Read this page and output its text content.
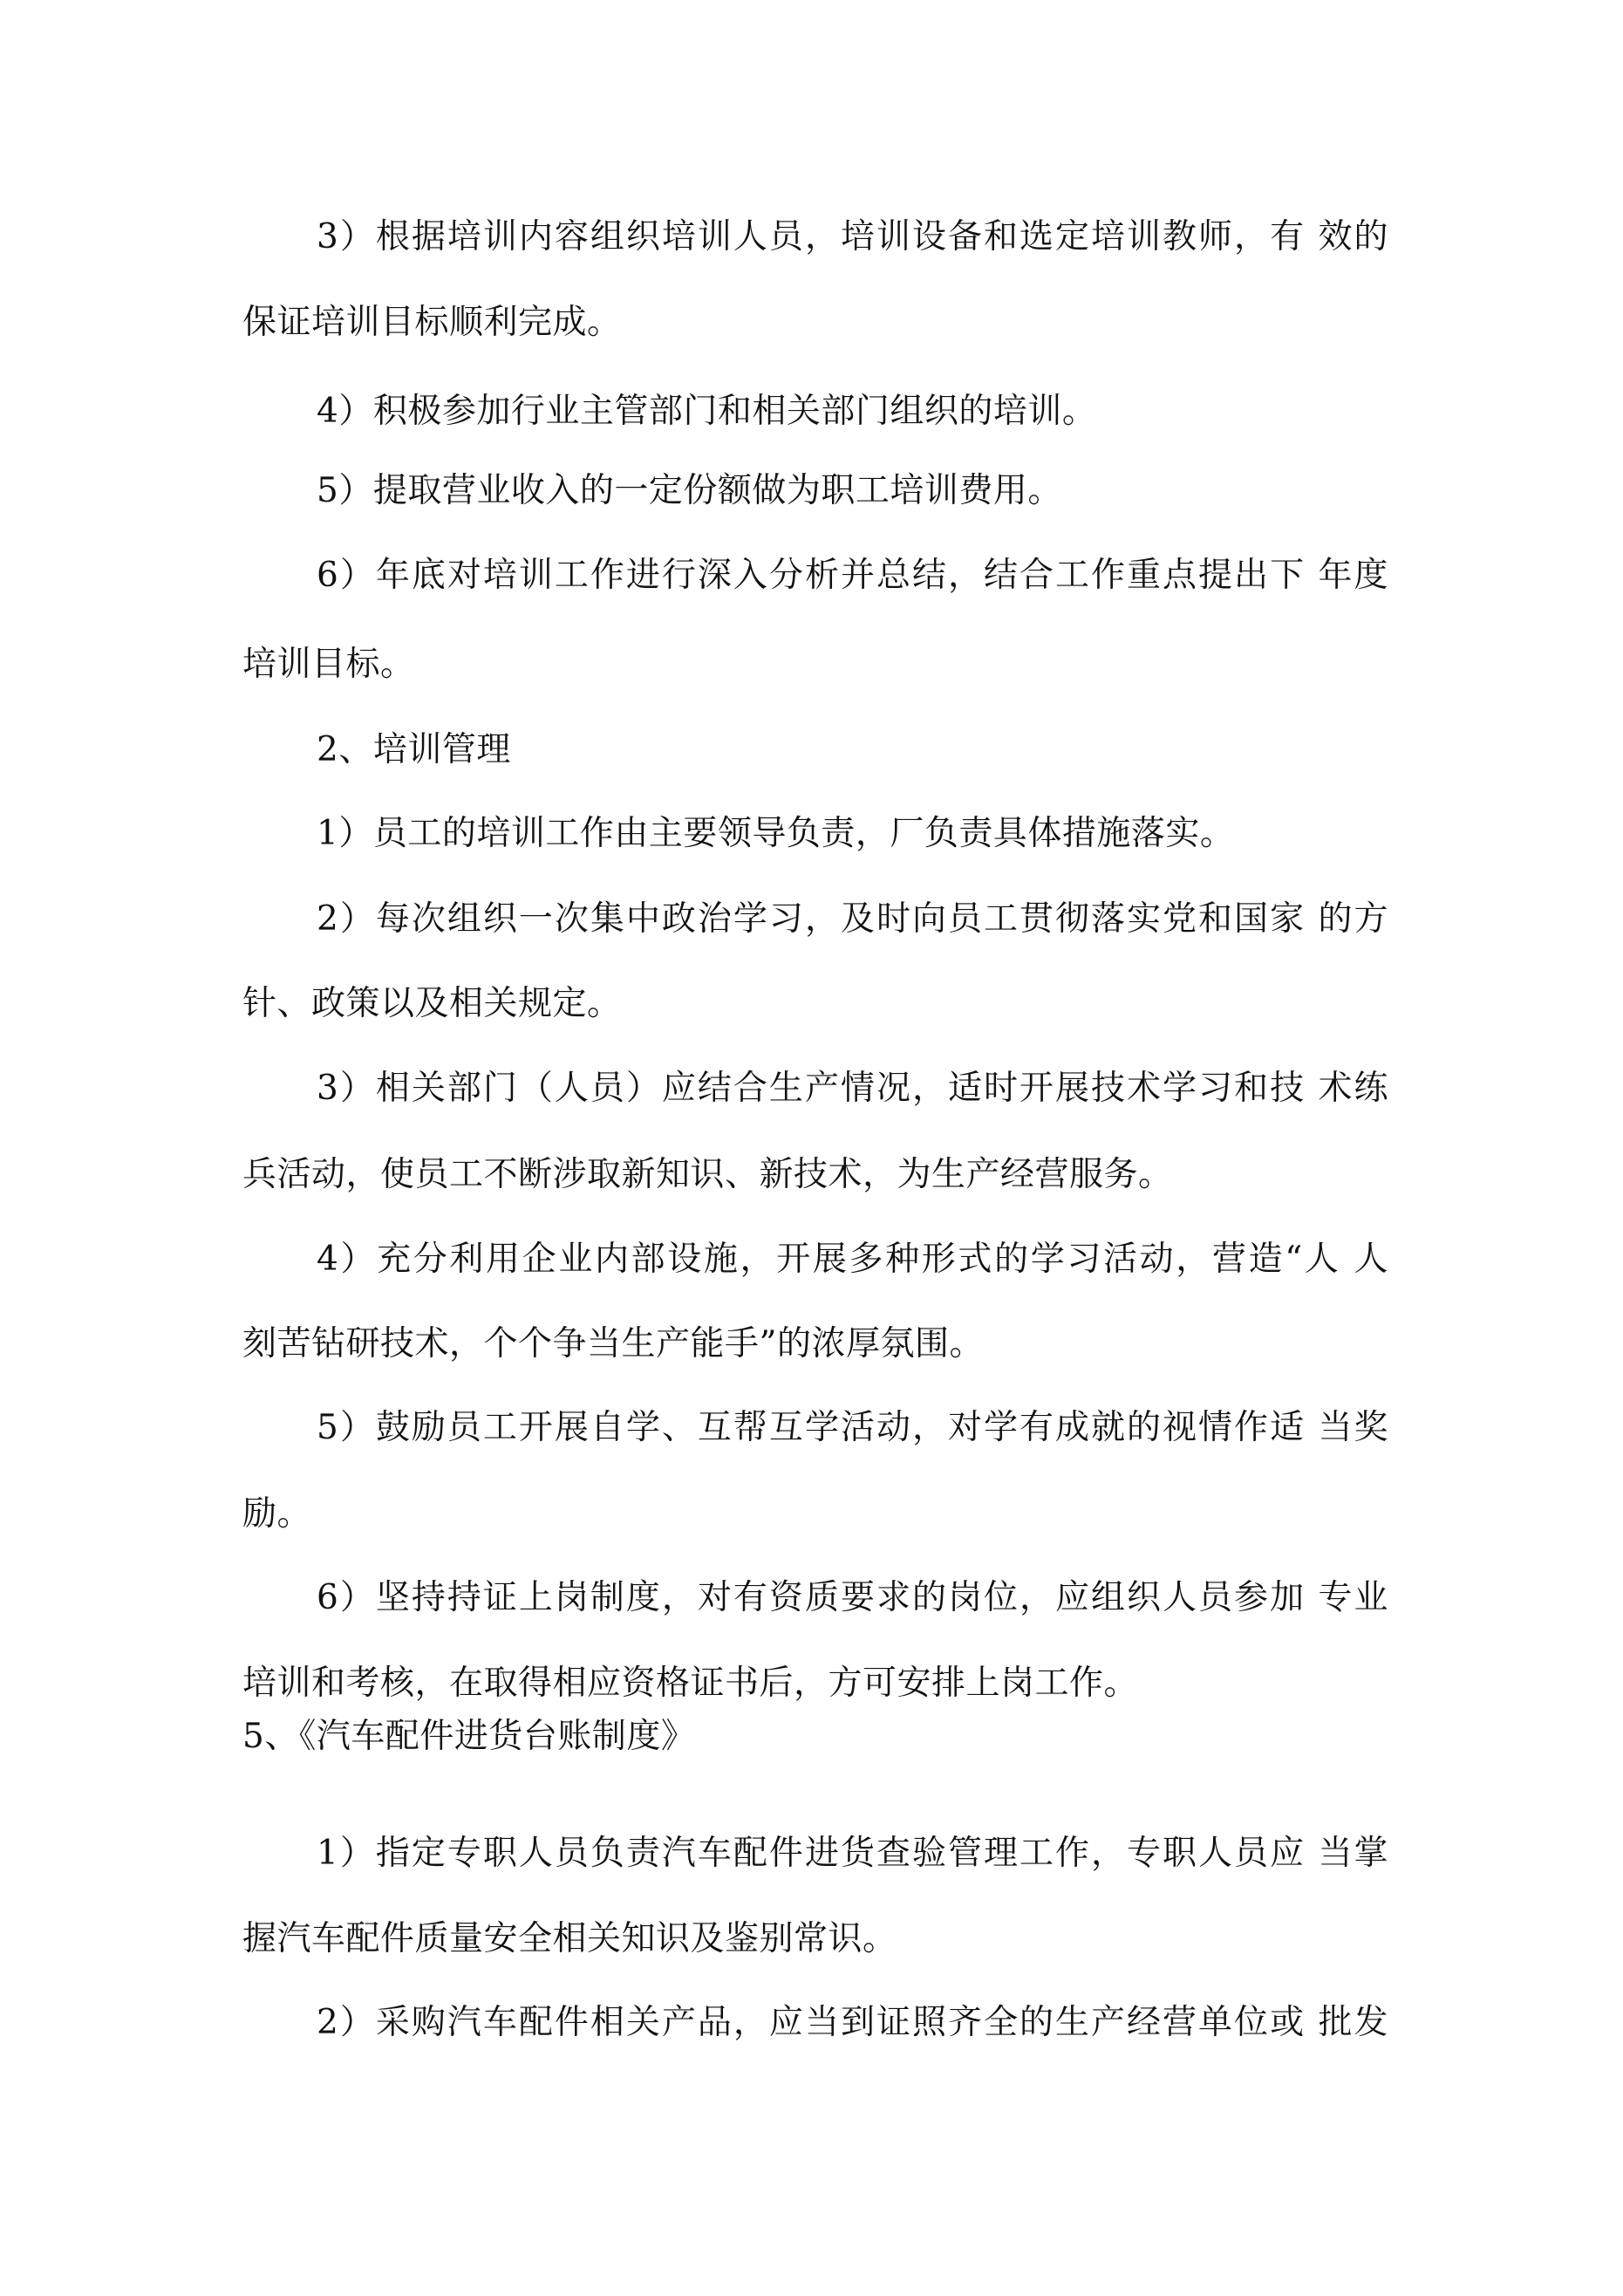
3）根据培训内容组织培训人员，培训设备和选定培训教师，有 效的
保证培训目标顺利完成。
4）积极参加行业主管部门和相关部门组织的培训。
5）提取营业收入的一定份额做为职工培训费用。
6）年底对培训工作进行深入分析并总结，结合工作重点提出下 年度
培训目标。
2、培训管理
1）员工的培训工作由主要领导负责，厂负责具体措施落实。
2）每次组织一次集中政治学习，及时向员工贯彻落实党和国家 的方
针、政策以及相关规定。
3）相关部门（人员）应结合生产情况，适时开展技术学习和技 术练
兵活动，使员工不断涉取新知识、新技术，为生产经营服务。
4）充分利用企业内部设施，开展多种形式的学习活动，营造“人 人
刻苦钻研技术，个个争当生产能手”的浓厚氛围。
5）鼓励员工开展自学、互帮互学活动，对学有成就的视情作适 当奖
励。
6）坚持持证上岗制度，对有资质要求的岗位，应组织人员参加 专业
培训和考核，在取得相应资格证书后，方可安排上岗工作。
5、《汽车配件进货台账制度》
1）指定专职人员负责汽车配件进货查验管理工作，专职人员应 当掌
握汽车配件质量安全相关知识及鉴别常识。
2）采购汽车配件相关产品，应当到证照齐全的生产经营单位或 批发
